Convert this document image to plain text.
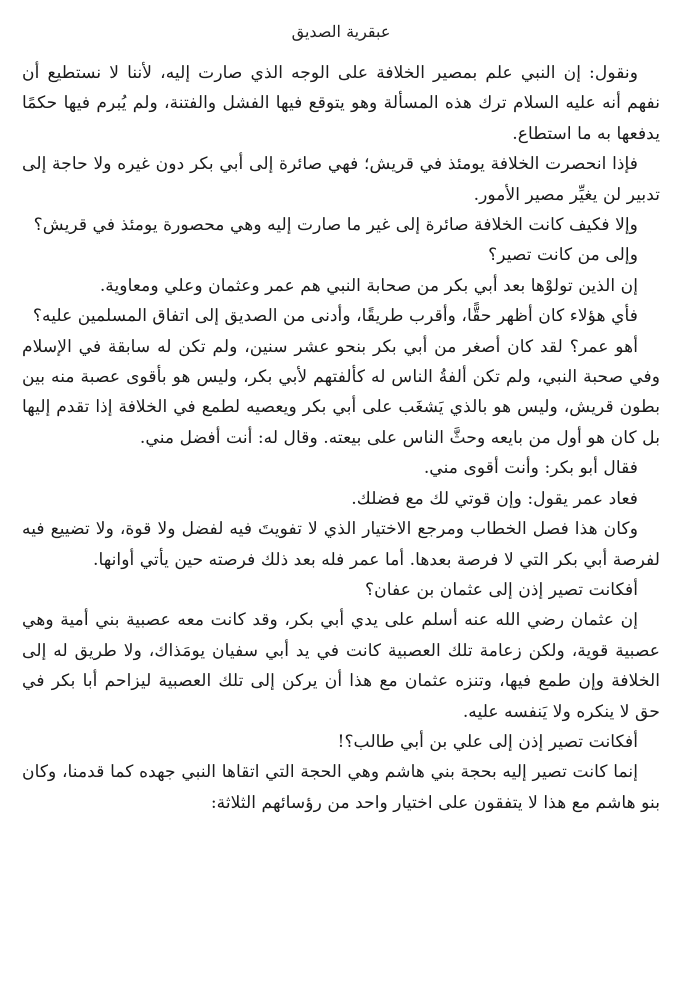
عبقرية الصديق

ونقول: إن النبي علم بمصير الخلافة على الوجه الذي صارت إليه، لأننا لا نستطيع أن نفهم أنه عليه السلام ترك هذه المسألة وهو يتوقع فيها الفشل والفتنة، ولم يُبرم فيها حكمًا يدفعها به ما استطاع.

فإذا انحصرت الخلافة يومئذ في قريش؛ فهي صائرة إلى أبي بكر دون غيره ولا حاجة إلى تدبير لن يغيِّر مصير الأمور.

وإلا فكيف كانت الخلافة صائرة إلى غير ما صارت إليه وهي محصورة يومئذ في قريش؟

وإلى من كانت تصير؟

إن الذين تولوْها بعد أبي بكر من صحابة النبي هم عمر وعثمان وعلي ومعاوية.

فأي هؤلاء كان أظهر حقًّا، وأقرب طريقًا، وأدنى من الصديق إلى اتفاق المسلمين عليه؟

أهو عمر؟ لقد كان أصغر من أبي بكر بنحو عشر سنين، ولم تكن له سابقة في الإسلام وفي صحبة النبي، ولم تكن ألفةُ الناس له كألفتهم لأبي بكر، وليس هو بأقوى عصبة منه بين بطون قريش، وليس هو بالذي يَشغَب على أبي بكر ويعصيه لطمع في الخلافة إذا تقدم إليها بل كان هو أول من بايعه وحثَّ الناس على بيعته. وقال له: أنت أفضل مني.

فقال أبو بكر: وأنت أقوى مني.

فعاد عمر يقول: وإن قوتي لك مع فضلك.

وكان هذا فصل الخطاب ومرجع الاختيار الذي لا تفويتَ فيه لفضل ولا قوة، ولا تضييع فيه لفرصة أبي بكر التي لا فرصة بعدها. أما عمر فله بعد ذلك فرصته حين يأتي أوانها.

أفكانت تصير إذن إلى عثمان بن عفان؟

إن عثمان رضي الله عنه أسلم على يدي أبي بكر، وقد كانت معه عصبية بني أمية وهي عصبية قوية، ولكن زعامة تلك العصبية كانت في يد أبي سفيان يومَذاك، ولا طريق له إلى الخلافة وإن طمع فيها، وتنزه عثمان مع هذا أن يركن إلى تلك العصبية ليزاحم أبا بكر في حق لا ينكره ولا يَنفسه عليه.

أفكانت تصير إذن إلى علي بن أبي طالب؟!

إنما كانت تصير إليه بحجة بني هاشم وهي الحجة التي اتقاها النبي جهده كما قدمنا، وكان بنو هاشم مع هذا لا يتفقون على اختيار واحد من رؤسائهم الثلاثة:
